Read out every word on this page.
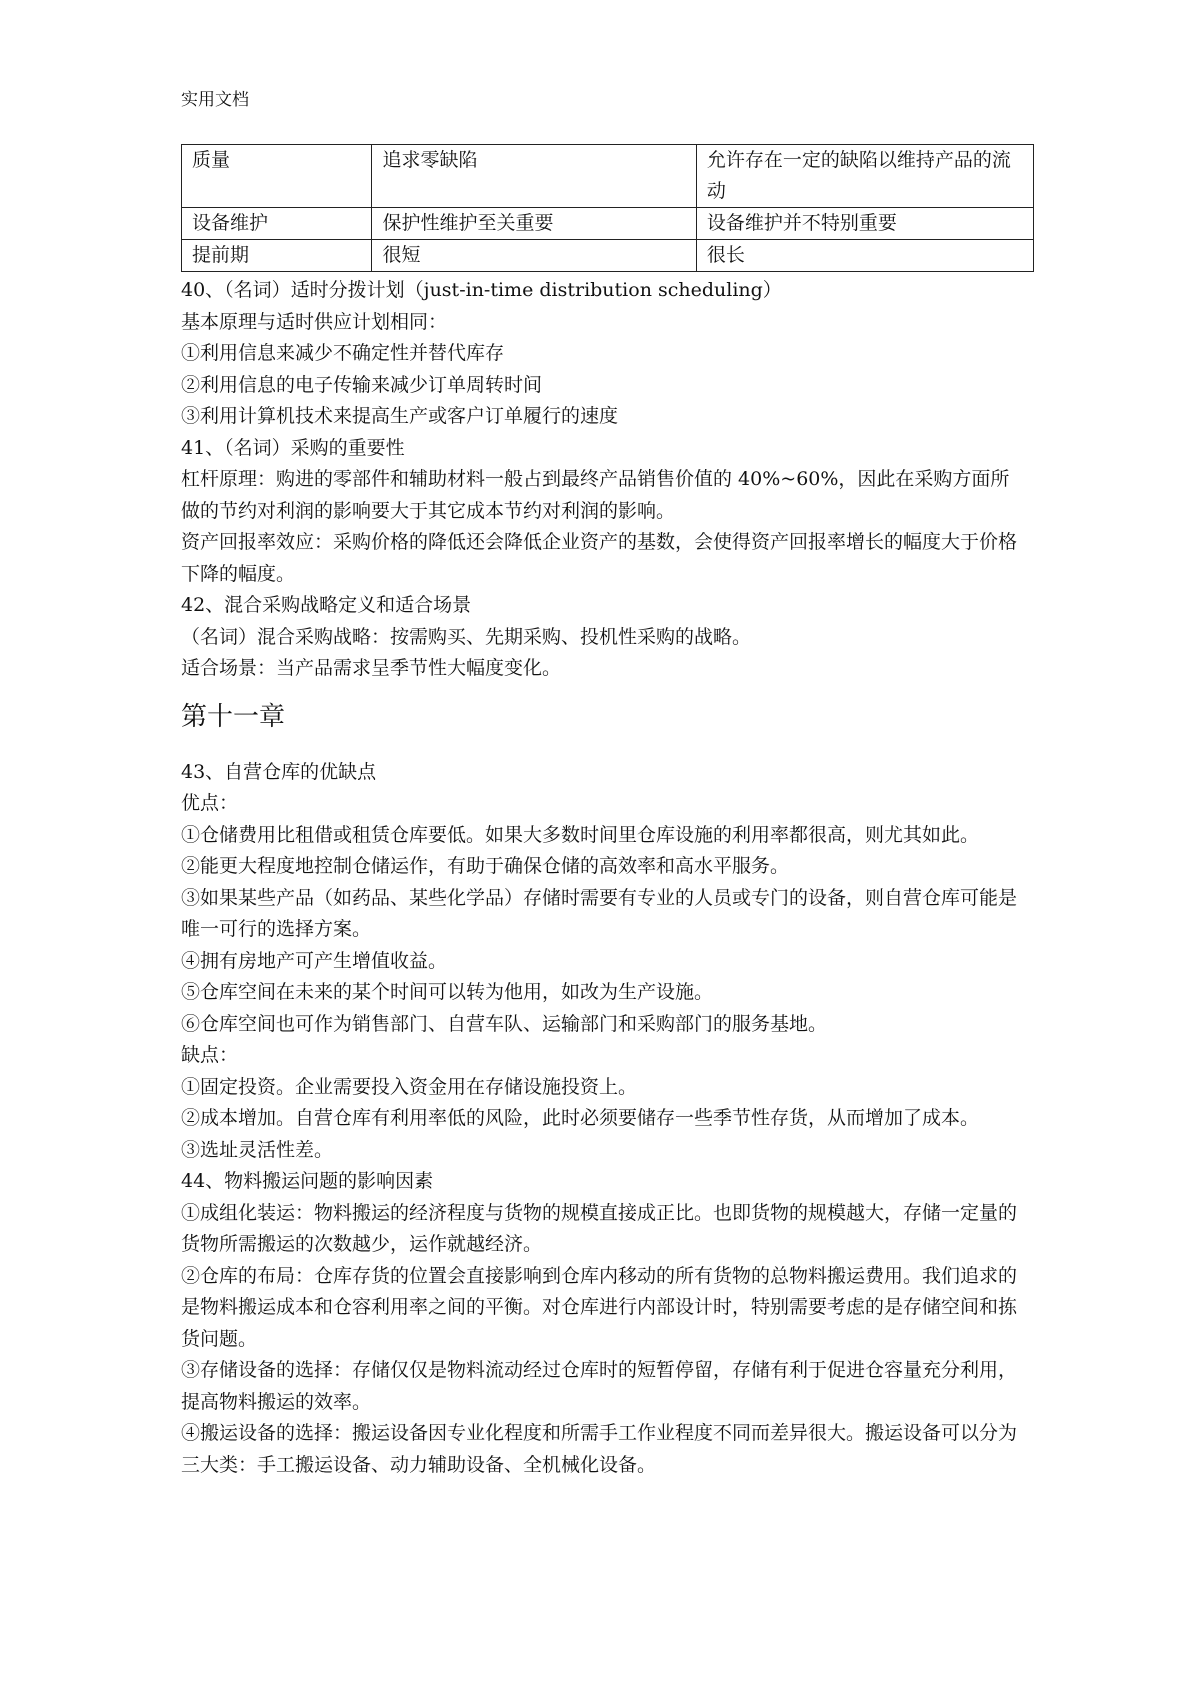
实用文档
质量	追求零缺陷	允许存在一定的缺陷以维持产品的流动
设备维护	保护性维护至关重要	设备维护并不特别重要
提前期	很短	很长

40、（名词）适时分拨计划（just-in-time distribution scheduling）

基本原理与适时供应计划相同：

①利用信息来减少不确定性并替代库存

②利用信息的电子传输来减少订单周转时间

③利用计算机技术来提高生产或客户订单履行的速度

41、（名词）采购的重要性

杠杆原理：购进的零部件和辅助材料一般占到最终产品销售价值的 40%~60%，因此在采购方面所做的节约对利润的影响要大于其它成本节约对利润的影响。

资产回报率效应：采购价格的降低还会降低企业资产的基数，会使得资产回报率增长的幅度大于价格下降的幅度。

42、混合采购战略定义和适合场景

（名词）混合采购战略：按需购买、先期采购、投机性采购的战略。

适合场景：当产品需求呈季节性大幅度变化。

第十一章

43、自营仓库的优缺点

优点：

①仓储费用比租借或租赁仓库要低。如果大多数时间里仓库设施的利用率都很高，则尤其如此。

②能更大程度地控制仓储运作，有助于确保仓储的高效率和高水平服务。

③如果某些产品（如药品、某些化学品）存储时需要有专业的人员或专门的设备，则自营仓库可能是唯一可行的选择方案。

④拥有房地产可产生增值收益。

⑤仓库空间在未来的某个时间可以转为他用，如改为生产设施。

⑥仓库空间也可作为销售部门、自营车队、运输部门和采购部门的服务基地。

缺点：

①固定投资。企业需要投入资金用在存储设施投资上。

②成本增加。自营仓库有利用率低的风险，此时必须要储存一些季节性存货，从而增加了成本。

③选址灵活性差。

44、物料搬运问题的影响因素

①成组化装运：物料搬运的经济程度与货物的规模直接成正比。也即货物的规模越大，存储一定量的货物所需搬运的次数越少，运作就越经济。

②仓库的布局：仓库存货的位置会直接影响到仓库内移动的所有货物的总物料搬运费用。我们追求的是物料搬运成本和仓容利用率之间的平衡。对仓库进行内部设计时，特别需要考虑的是存储空间和拣货问题。

③存储设备的选择：存储仅仅是物料流动经过仓库时的短暂停留，存储有利于促进仓容量充分利用，提高物料搬运的效率。

④搬运设备的选择：搬运设备因专业化程度和所需手工作业程度不同而差异很大。搬运设备可以分为三大类：手工搬运设备、动力辅助设备、全机械化设备。
